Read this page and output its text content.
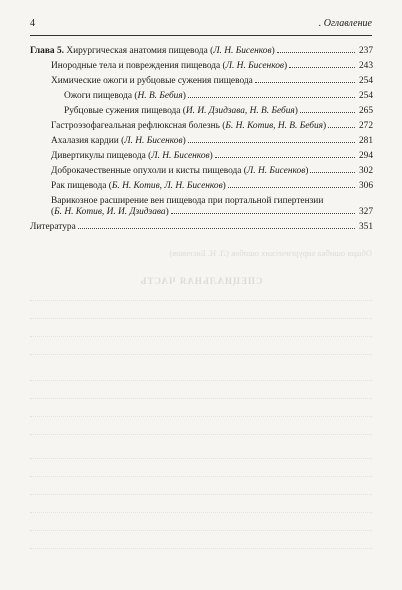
4	. Оглавление
Общая ошибка хирургических ошибок (Л. Н. Бисенков)
СПЕЦИАЛЬНАЯ ЧАСТЬ
Глава 5. Хирургическая анатомия пищевода (Л. Н. Бисенков)	237
Инородные тела и повреждения пищевода (Л. Н. Бисенков)	243
Химические ожоги и рубцовые сужения пищевода	254
Ожоги пищевода (Н. В. Бебия)	254
Рубцовые сужения пищевода (И. И. Дзидзава, Н. В. Бебия)	265
Гастроэзофагеальная рефлюксная болезнь (Б. Н. Котив, Н. В. Бебия)	272
Ахалазия кардии (Л. Н. Бисенков)	281
Дивертикулы пищевода (Л. Н. Бисенков)	294
Доброкачественные опухоли и кисты пищевода (Л. Н. Бисенков)	302
Рак пищевода (Б. Н. Котив, Л. Н. Бисенков)	306
Варикозное расширение вен пищевода при портальной гипертензии
(Б. Н. Котив, И. И. Дзидзава)	327
Литература	351
